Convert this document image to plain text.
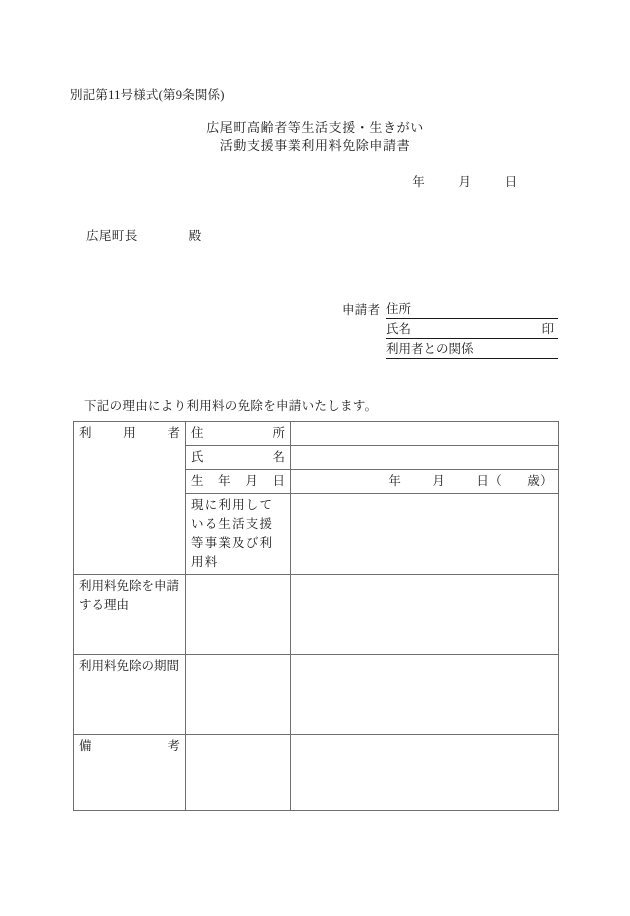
別記第11号様式(第9条関係)
広尾町高齢者等生活支援・生きがい
活動支援事業利用料免除申請書
年	月	日
広尾町長	殿
申請者 住所
氏名	印
利用者との関係
下記の理由により利用料の免除を申請いたします。
利 用 者	住 所	

	氏 名	

	生 年 月 日	年 月 日（ 歳）
	現に利用している生活支援等事業及び利用料	
利用料免除を申請する理由		
利用料免除の期間		

備 考		
